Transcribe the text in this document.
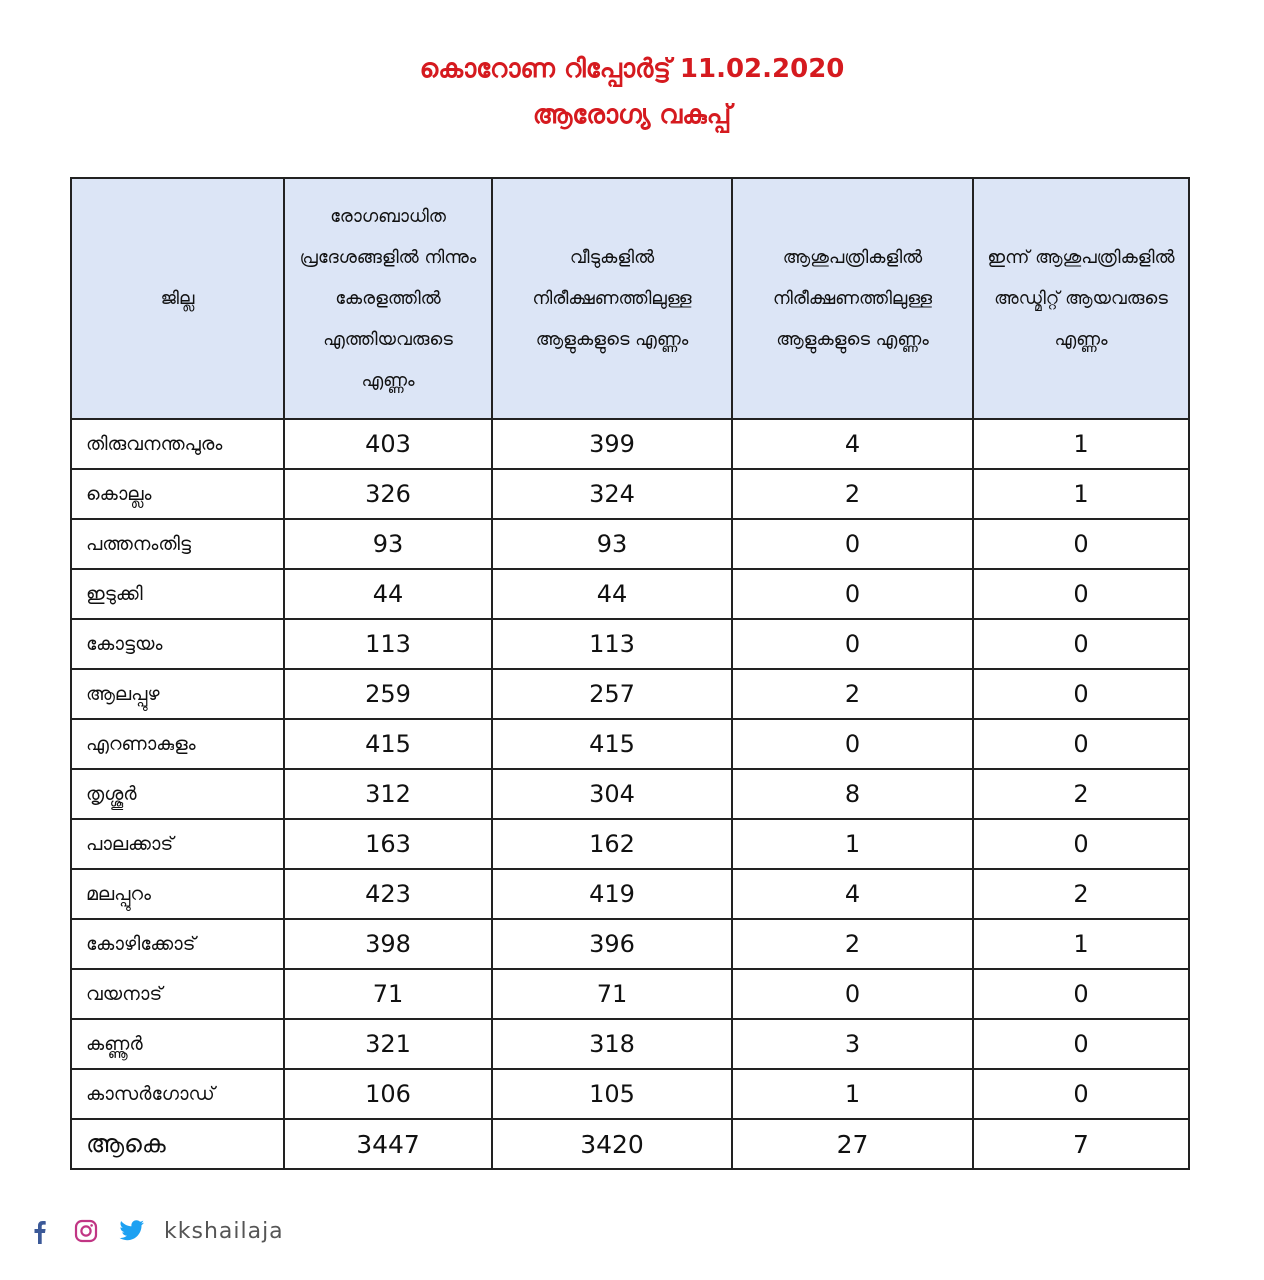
കൊറോണ റിപ്പോർട്ട് 11.02.2020
ആരോഗ്യ വകുപ്പ്
ജില്ല	രോഗബാധിത പ്രദേശങ്ങളിൽ നിന്നും കേരളത്തിൽ എത്തിയവരുടെ എണ്ണം	വീടുകളിൽ നിരീക്ഷണത്തിലുള്ള ആളുകളുടെ എണ്ണം	ആശുപത്രികളിൽ നിരീക്ഷണത്തിലുള്ള ആളുകളുടെ എണ്ണം	ഇന്ന് ആശുപത്രികളിൽ അഡ്മിറ്റ് ആയവരുടെ എണ്ണം
തിരുവനന്തപുരം	403	399	4	1
കൊല്ലം	326	324	2	1
പത്തനംതിട്ട	93	93	0	0
ഇടുക്കി	44	44	0	0
കോട്ടയം	113	113	0	0
ആലപ്പുഴ	259	257	2	0
എറണാകുളം	415	415	0	0
തൃശ്ശൂർ	312	304	8	2
പാലക്കാട്	163	162	1	0
മലപ്പുറം	423	419	4	2
കോഴിക്കോട്	398	396	2	1
വയനാട്	71	71	0	0
കണ്ണൂർ	321	318	3	0
കാസർഗോഡ്	106	105	1	0
ആകെ	3447	3420	27	7
kkshailaja
